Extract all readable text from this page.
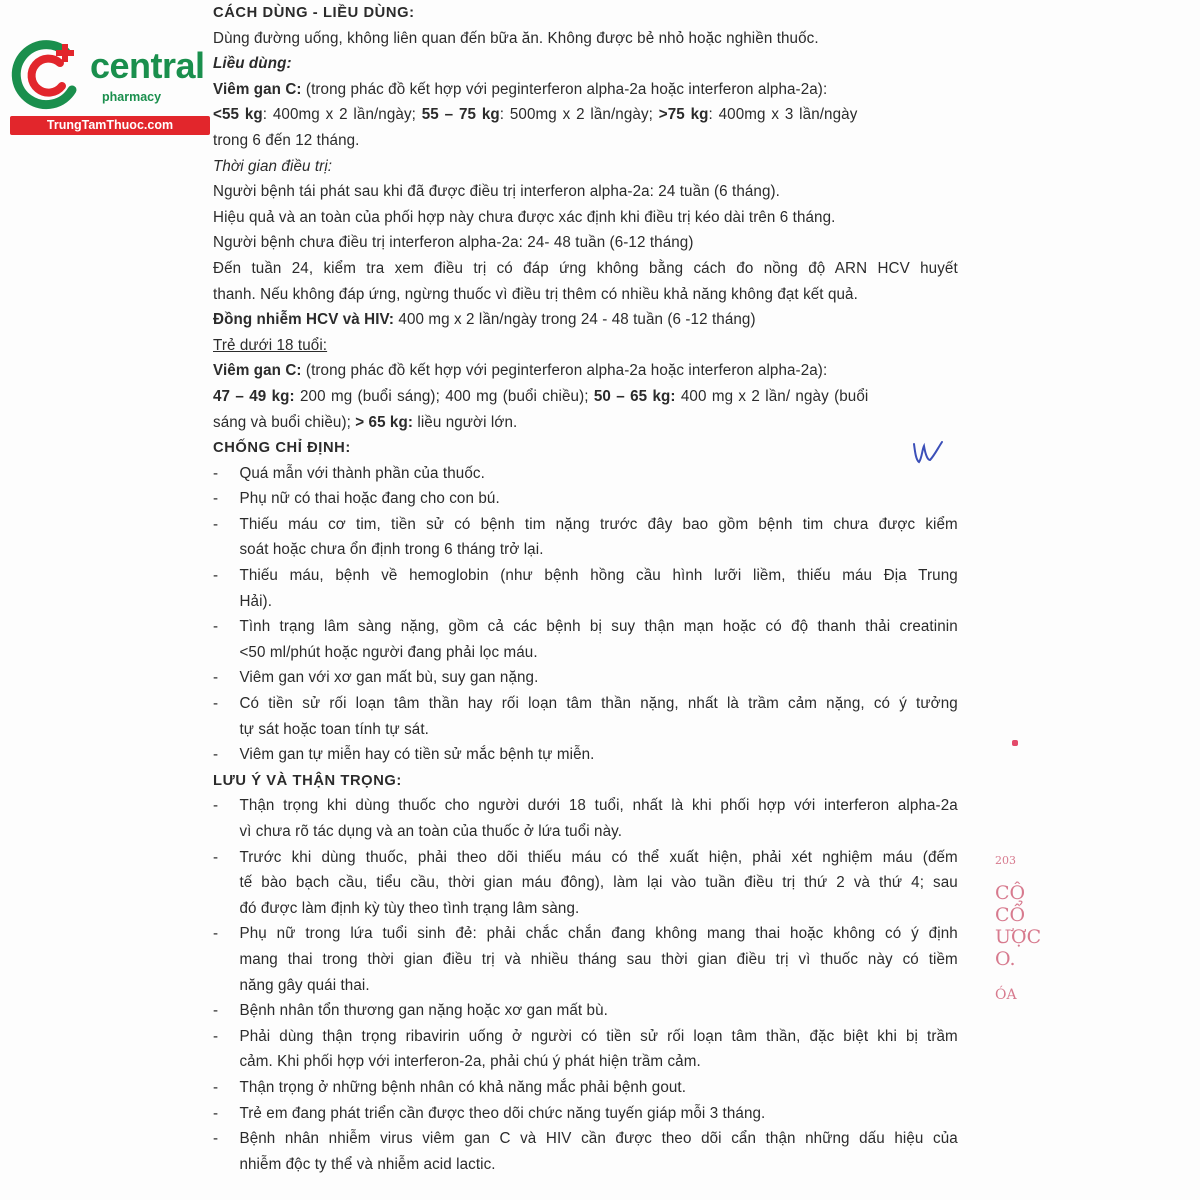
central
pharmacy
TrungTamThuoc.com
CÁCH DÙNG - LIỀU DÙNG:
Dùng đường uống, không liên quan đến bữa ăn. Không được bẻ nhỏ hoặc nghiền thuốc.
Liều dùng:
Viêm gan C: (trong phác đồ kết hợp với peginterferon alpha-2a hoặc interferon alpha-2a):
<55 kg: 400mg x 2 lần/ngày; 55 – 75 kg: 500mg x 2 lần/ngày; >75 kg: 400mg x 3 lần/ngày
trong 6 đến 12 tháng.
Thời gian điều trị:
Người bệnh tái phát sau khi đã được điều trị interferon alpha-2a: 24 tuần (6 tháng).
Hiệu quả và an toàn của phối hợp này chưa được xác định khi điều trị kéo dài trên 6 tháng.
Người bệnh chưa điều trị interferon alpha-2a: 24- 48 tuần (6-12 tháng)
Đến tuần 24, kiểm tra xem điều trị có đáp ứng không bằng cách đo nồng độ ARN HCV huyết
thanh. Nếu không đáp ứng, ngừng thuốc vì điều trị thêm có nhiều khả năng không đạt kết quả.
Đồng nhiễm HCV và HIV: 400 mg x 2 lần/ngày trong 24 - 48 tuần (6 -12 tháng)
Trẻ dưới 18 tuổi:
Viêm gan C: (trong phác đồ kết hợp với peginterferon alpha-2a hoặc interferon alpha-2a):
47 – 49 kg: 200 mg (buổi sáng); 400 mg (buổi chiều); 50 – 65 kg: 400 mg x 2 lần/ ngày (buổi
sáng và buổi chiều); > 65 kg: liều người lớn.
CHỐNG CHỈ ĐỊNH:
-	Quá mẫn với thành phần của thuốc.
-	Phụ nữ có thai hoặc đang cho con bú.
-	Thiếu máu cơ tim, tiền sử có bệnh tim nặng trước đây bao gồm bệnh tim chưa được kiểm
soát hoặc chưa ổn định trong 6 tháng trở lại.
-	Thiếu máu, bệnh về hemoglobin (như bệnh hồng cầu hình lưỡi liềm, thiếu máu Địa Trung
Hải).
-	Tình trạng lâm sàng nặng, gồm cả các bệnh bị suy thận mạn hoặc có độ thanh thải creatinin
<50 ml/phút hoặc người đang phải lọc máu.
-	Viêm gan với xơ gan mất bù, suy gan nặng.
-	Có tiền sử rối loạn tâm thần hay rối loạn tâm thần nặng, nhất là trầm cảm nặng, có ý tưởng
tự sát hoặc toan tính tự sát.
-	Viêm gan tự miễn hay có tiền sử mắc bệnh tự miễn.
LƯU Ý VÀ THẬN TRỌNG:
-	Thận trọng khi dùng thuốc cho người dưới 18 tuổi, nhất là khi phối hợp với interferon alpha-2a
vì chưa rõ tác dụng và an toàn của thuốc ở lứa tuổi này.
-	Trước khi dùng thuốc, phải theo dõi thiếu máu có thể xuất hiện, phải xét nghiệm máu (đếm
tế bào bạch cầu, tiểu cầu, thời gian máu đông), làm lại vào tuần điều trị thứ 2 và thứ 4; sau
đó được làm định kỳ tùy theo tình trạng lâm sàng.
-	Phụ nữ trong lứa tuổi sinh đẻ: phải chắc chắn đang không mang thai hoặc không có ý định
mang thai trong thời gian điều trị và nhiều tháng sau thời gian điều trị vì thuốc này có tiềm
năng gây quái thai.
-	Bệnh nhân tổn thương gan nặng hoặc xơ gan mất bù.
-	Phải dùng thận trọng ribavirin uống ở người có tiền sử rối loạn tâm thần, đặc biệt khi bị trầm
cảm. Khi phối hợp với interferon-2a, phải chú ý phát hiện trầm cảm.
-	Thận trọng ở những bệnh nhân có khả năng mắc phải bệnh gout.
-	Trẻ em đang phát triển cần được theo dõi chức năng tuyến giáp mỗi 3 tháng.
-	Bệnh nhân nhiễm virus viêm gan C và HIV cần được theo dõi cẩn thận những dấu hiệu của
nhiễm độc ty thể và nhiễm acid lactic.
203
CÔ
CỔ
ƯỢC
O.
ÓA
